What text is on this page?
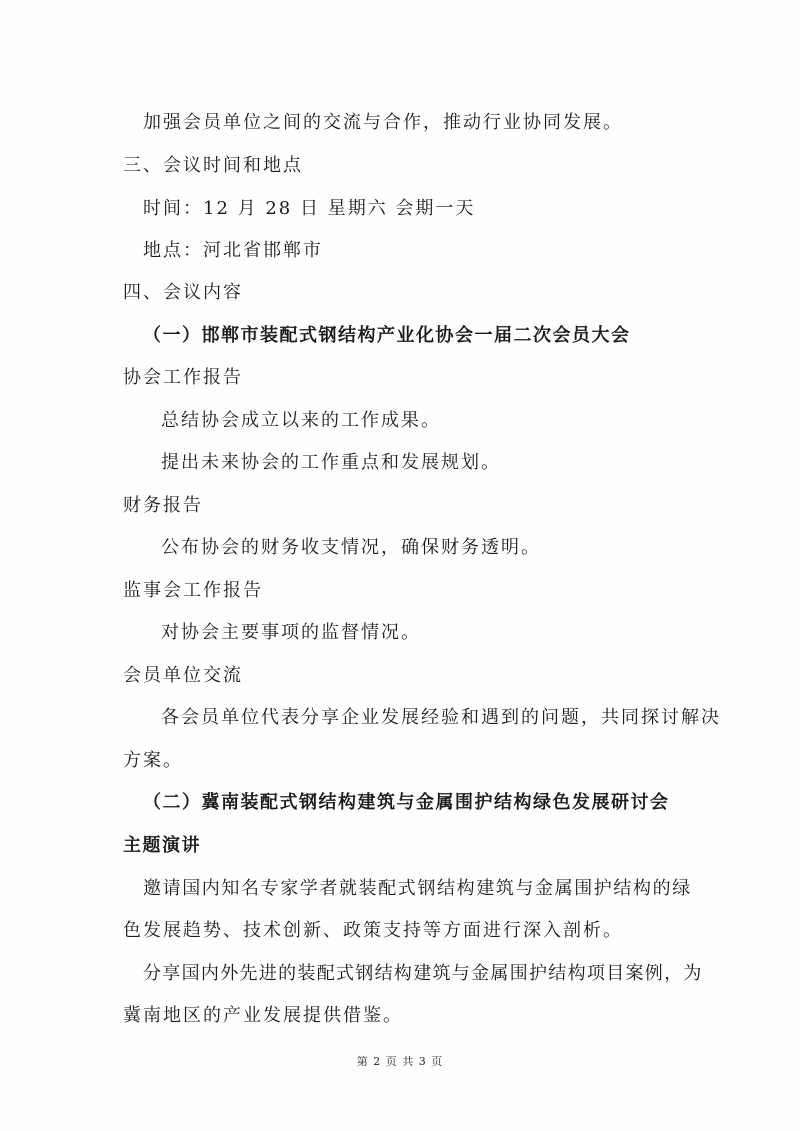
加强会员单位之间的交流与合作，推动行业协同发展。
三、会议时间和地点
时间：12 月 28 日 星期六 会期一天
地点：河北省邯郸市
四、会议内容
（一）邯郸市装配式钢结构产业化协会一届二次会员大会
协会工作报告
总结协会成立以来的工作成果。
提出未来协会的工作重点和发展规划。
财务报告
公布协会的财务收支情况，确保财务透明。
监事会工作报告
对协会主要事项的监督情况。
会员单位交流
各会员单位代表分享企业发展经验和遇到的问题，共同探讨解决
方案。
（二）冀南装配式钢结构建筑与金属围护结构绿色发展研讨会
主题演讲
邀请国内知名专家学者就装配式钢结构建筑与金属围护结构的绿
色发展趋势、技术创新、政策支持等方面进行深入剖析。
分享国内外先进的装配式钢结构建筑与金属围护结构项目案例，为
冀南地区的产业发展提供借鉴。
第 2 页 共 3 页
